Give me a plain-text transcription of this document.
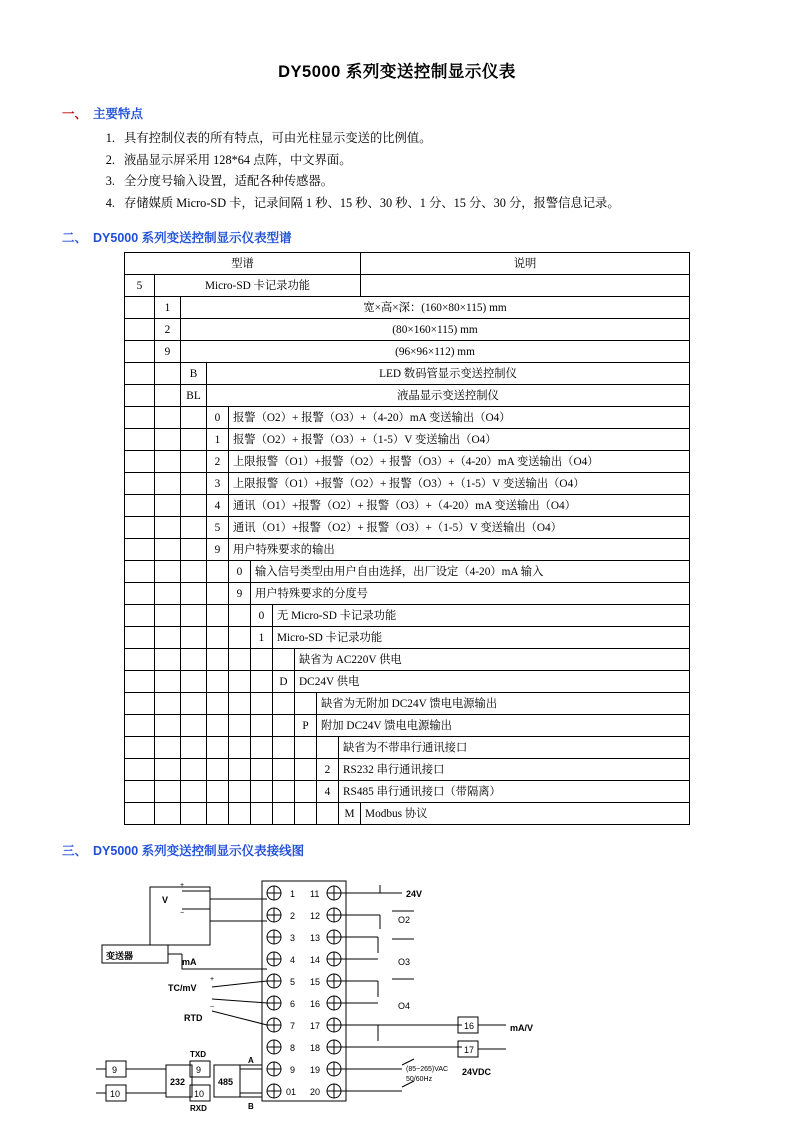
DY5000 系列变送控制显示仪表
一、 主要特点
1. 具有控制仪表的所有特点，可由光柱显示变送的比例值。
2. 液晶显示屏采用 128*64 点阵，中文界面。
3. 全分度号输入设置，适配各种传感器。
4. 存储媒质 Micro-SD 卡，记录间隔 1 秒、15 秒、30 秒、1 分、15 分、30 分，报警信息记录。
二、 DY5000 系列变送控制显示仪表型谱
型谱										说明
5	Micro-SD 卡记录功能									
	1	宽×高×深：(160×80×115) mm								
	2	(80×160×115) mm								
	9	(96×96×112) mm								
		B	LED 数码管显示变送控制仪							
		BL	液晶显示变送控制仪							
			0	报警（O2）+ 报警（O3）+（4-20）mA 变送输出（O4）						
			1	报警（O2）+ 报警（O3）+（1-5）V 变送输出（O4）						
			2	上限报警（O1）+报警（O2）+ 报警（O3）+（4-20）mA 变送输出（O4）						
			3	上限报警（O1）+报警（O2）+ 报警（O3）+（1-5）V 变送输出（O4）						
			4	通讯（O1）+报警（O2）+ 报警（O3）+（4-20）mA 变送输出（O4）						
			5	通讯（O1）+报警（O2）+ 报警（O3）+（1-5）V 变送输出（O4）						
			9	用户特殊要求的输出						
				0	输入信号类型由用户自由选择，出厂设定（4-20）mA 输入					
				9	用户特殊要求的分度号					
					0	无 Micro-SD 卡记录功能				
					1	Micro-SD 卡记录功能				
							缺省为 AC220V 供电			
						D	DC24V 供电			
								缺省为无附加 DC24V 馈电电源输出		
							P	附加 DC24V 馈电电源输出		
									缺省为不带串行通讯接口	
								2	RS232 串行通讯接口	
								4	RS485 串行通讯接口（带隔离）	
									M	Modbus 协议
三、 DY5000 系列变送控制显示仪表接线图
1
2
3
4
5
6
7
8
9
01
11
12
13
14
15
16
17
18
19
20
V
+
−
mA
变送器
TC/mV
+
−
RTD
24V
O2
O3
O4
16
17
mA/V
(85~265)VAC
50/60Hz
24VDC
232	485
TXD
RXD
9
10
9
10
A
B
